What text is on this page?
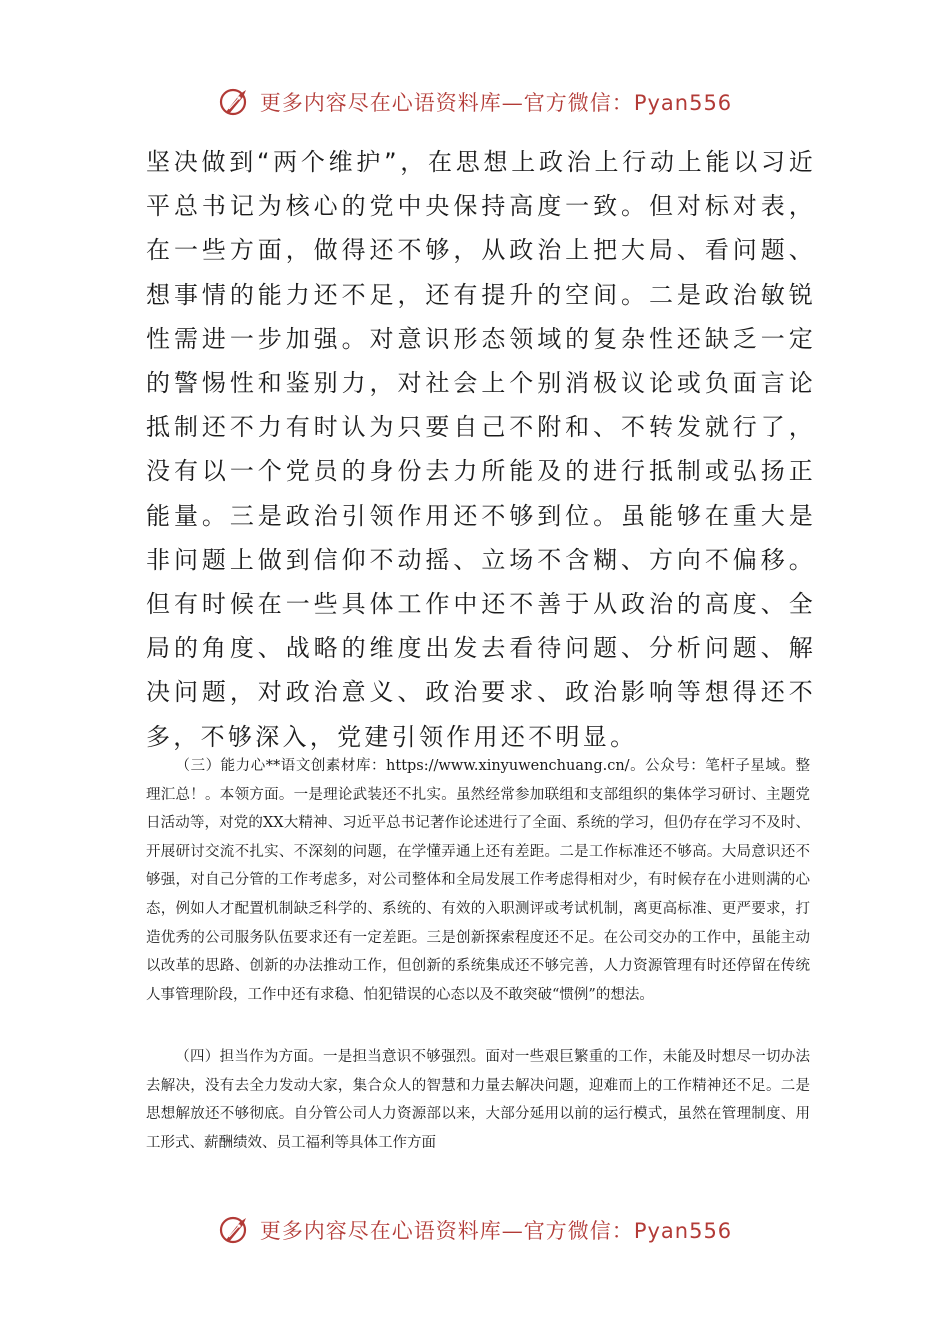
更多内容尽在心语资料库—官方微信：Pyan556

坚决做到“两个维护”，在思想上政治上行动上能以习近平总书记为核心的党中央保持高度一致。但对标对表，在一些方面，做得还不够，从政治上把大局、看问题、想事情的能力还不足，还有提升的空间。二是政治敏锐性需进一步加强。对意识形态领域的复杂性还缺乏一定的警惕性和鉴别力，对社会上个别消极议论或负面言论抵制还不力有时认为只要自己不附和、不转发就行了，没有以一个党员的身份去力所能及的进行抵制或弘扬正能量。三是政治引领作用还不够到位。虽能够在重大是非问题上做到信仰不动摇、立场不含糊、方向不偏移。但有时候在一些具体工作中还不善于从政治的高度、全局的角度、战略的维度出发去看待问题、分析问题、解决问题，对政治意义、政治要求、政治影响等想得还不多，不够深入，党建引领作用还不明显。

（三）能力心**语文创素材库：https://www.xinyuwenchuang.cn/。公众号：笔杆子星域。整理汇总！。本领方面。一是理论武装还不扎实。虽然经常参加联组和支部组织的集体学习研讨、主题党日活动等，对党的XX大精神、习近平总书记著作论述进行了全面、系统的学习，但仍存在学习不及时、开展研讨交流不扎实、不深刻的问题，在学懂弄通上还有差距。二是工作标准还不够高。大局意识还不够强，对自己分管的工作考虑多，对公司整体和全局发展工作考虑得相对少，有时候存在小进则满的心态，例如人才配置机制缺乏科学的、系统的、有效的入职测评或考试机制，离更高标准、更严要求，打造优秀的公司服务队伍要求还有一定差距。三是创新探索程度还不足。在公司交办的工作中，虽能主动以改革的思路、创新的办法推动工作，但创新的系统集成还不够完善，人力资源管理有时还停留在传统人事管理阶段，工作中还有求稳、怕犯错误的心态以及不敢突破“惯例”的想法。

（四）担当作为方面。一是担当意识不够强烈。面对一些艰巨繁重的工作，未能及时想尽一切办法去解决，没有去全力发动大家，集合众人的智慧和力量去解决问题，迎难而上的工作精神还不足。二是思想解放还不够彻底。自分管公司人力资源部以来，大部分延用以前的运行模式，虽然在管理制度、用工形式、薪酬绩效、员工福利等具体工作方面

更多内容尽在心语资料库—官方微信：Pyan556
